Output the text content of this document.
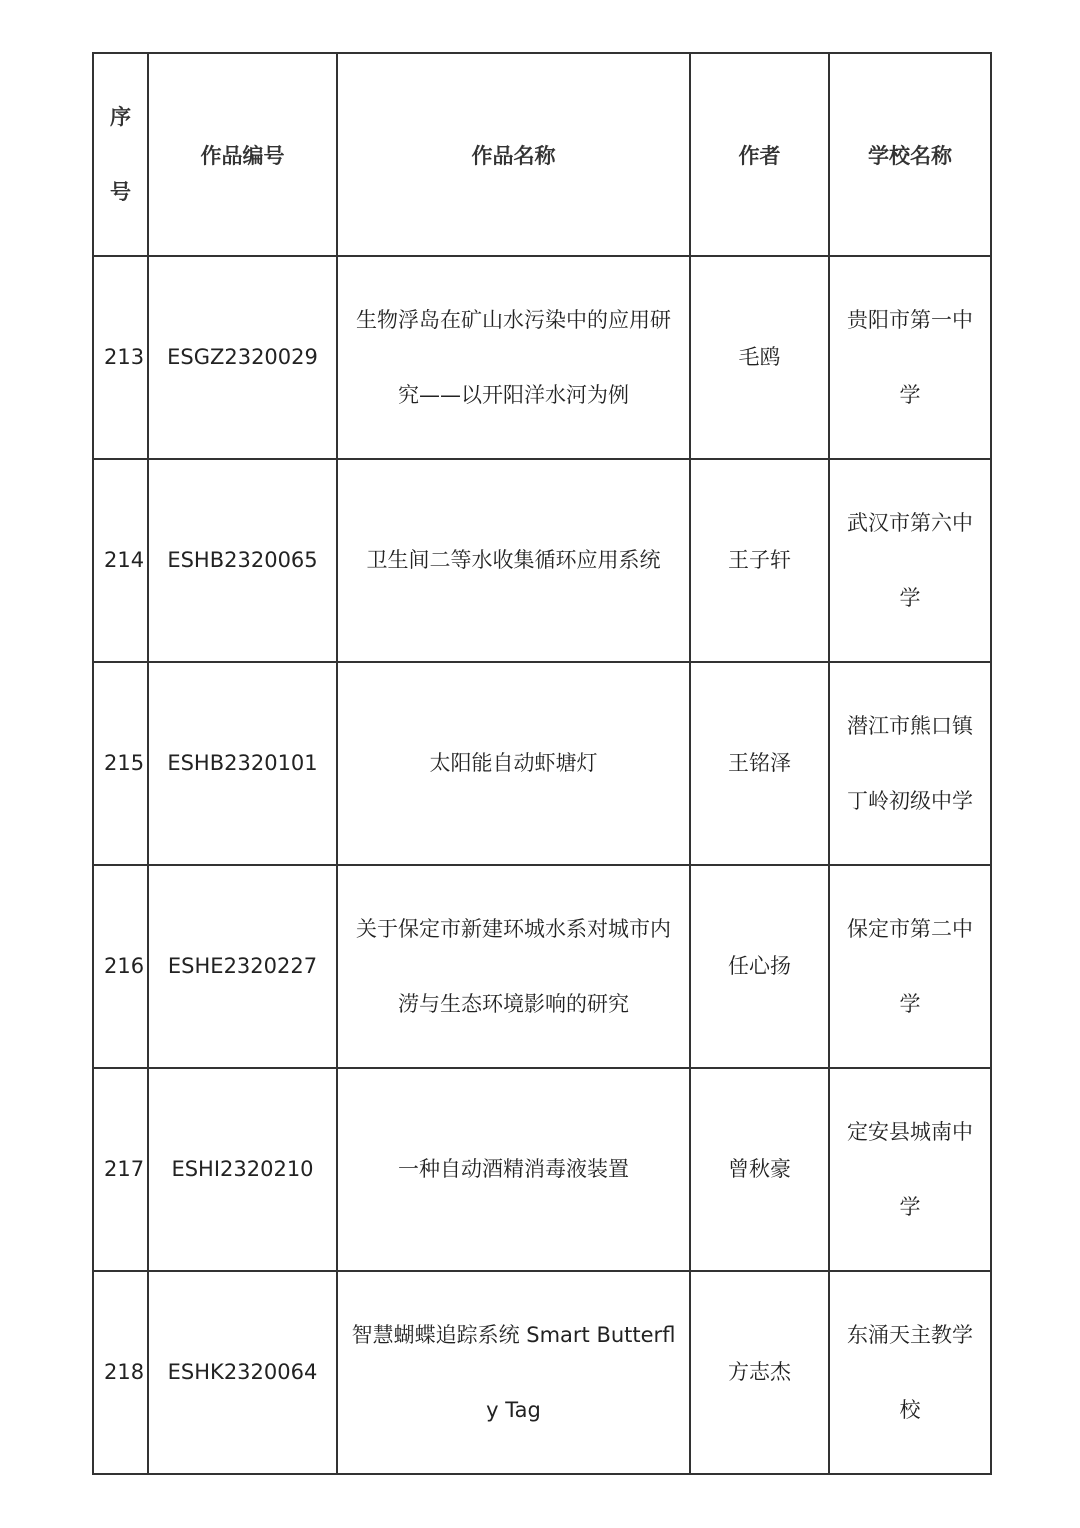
序号	作品编号	作品名称	作者	学校名称
213	ESGZ2320029	生物浮岛在矿山水污染中的应用研究——以开阳洋水河为例	毛鸥	贵阳市第一中学

214	ESHB2320065	卫生间二等水收集循环应用系统	王子轩	武汉市第六中学

215	ESHB2320101	太阳能自动虾塘灯	王铭泽	潜江市熊口镇丁岭初级中学

216	ESHE2320227	关于保定市新建环城水系对城市内涝与生态环境影响的研究	任心扬	保定市第二中学

217	ESHI2320210	一种自动酒精消毒液装置	曾秋豪	定安县城南中学

218	ESHK2320064	智慧蝴蝶追踪系统 Smart Butterfly Tag	方志杰	东涌天主教学校
